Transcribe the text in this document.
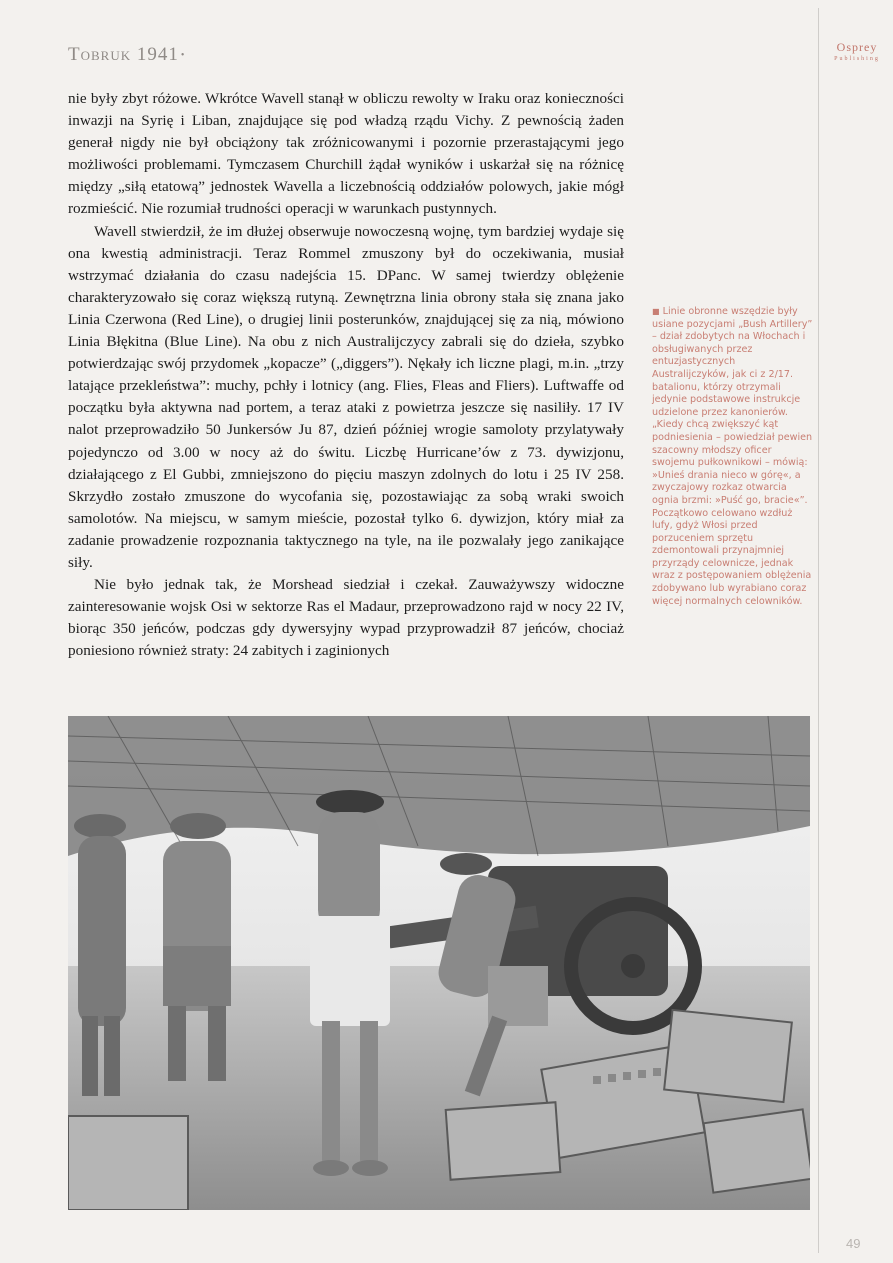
Tobruk 1941 •
Osprey
Publishing

nie były zbyt różowe. Wkrótce Wavell stanął w obliczu rewolty w Iraku oraz konieczności inwazji na Syrię i Liban, znajdujące się pod władzą rządu Vichy. Z pewnością żaden generał nigdy nie był obciążony tak zróżnicowanymi i pozornie przerastającymi jego możliwości problemami. Tymczasem Churchill żądał wyników i uskarżał się na różnicę między „siłą etatową” jednostek Wavella a liczebnością oddziałów polowych, jakie mógł rozmieścić. Nie rozumiał trudności operacji w warunkach pustynnych.

Wavell stwierdził, że im dłużej obserwuje nowoczesną wojnę, tym bardziej wydaje się ona kwestią administracji. Teraz Rommel zmuszony był do oczekiwania, musiał wstrzymać działania do czasu nadejścia 15. DPanc. W samej twierdzy oblężenie charakteryzowało się coraz większą rutyną. Zewnętrzna linia obrony stała się znana jako Linia Czerwona (Red Line), o drugiej linii posterunków, znajdującej się za nią, mówiono Linia Błękitna (Blue Line). Na obu z nich Australijczycy zabrali się do dzieła, szybko potwierdzając swój przydomek „kopacze” („diggers”). Nękały ich liczne plagi, m.in. „trzy latające przekleństwa”: muchy, pchły i lotnicy (ang. Flies, Fleas and Fliers). Luftwaffe od początku była aktywna nad portem, a teraz ataki z powietrza jeszcze się nasiliły. 17 IV nalot przeprowadziło 50 Junkersów Ju 87, dzień później wrogie samoloty przylatywały pojedynczo od 3.00 w nocy aż do świtu. Liczbę Hurricane’ów z 73. dywizjonu, działającego z El Gubbi, zmniejszono do pięciu maszyn zdolnych do lotu i 25 IV 258. Skrzydło zostało zmuszone do wycofania się, pozostawiając za sobą wraki swoich samolotów. Na miejscu, w samym mieście, pozostał tylko 6. dywizjon, który miał za zadanie prowadzenie rozpoznania taktycznego na tyle, na ile pozwalały jego zanikające siły.

Nie było jednak tak, że Morshead siedział i czekał. Zauważywszy widoczne zainteresowanie wojsk Osi w sektorze Ras el Madaur, przeprowadzono rajd w nocy 22 IV, biorąc 350 jeńców, podczas gdy dywersyjny wypad przyprowadził 87 jeńców, chociaż poniesiono również straty: 24 zabitych i zaginionych

■ Linie obronne wszędzie były usiane pozycjami „Bush Artillery” – dział zdobytych na Włochach i obsługiwanych przez entuzjastycznych Australijczyków, jak ci z 2/17. batalionu, którzy otrzymali jedynie podstawowe instrukcje udzielone przez kanonierów. „Kiedy chcą zwiększyć kąt podniesienia – powiedział pewien szacowny młodszy oficer swojemu pułkownikowi – mówią: »Unieś drania nieco w górę«, a zwyczajowy rozkaz otwarcia ognia brzmi: »Puść go, bracie«”. Początkowo celowano wzdłuż lufy, gdyż Włosi przed porzuceniem sprzętu zdemontowali przynajmniej przyrządy celownicze, jednak wraz z postępowaniem oblężenia zdobywano lub wyrabiano coraz więcej normalnych celowników.
49
